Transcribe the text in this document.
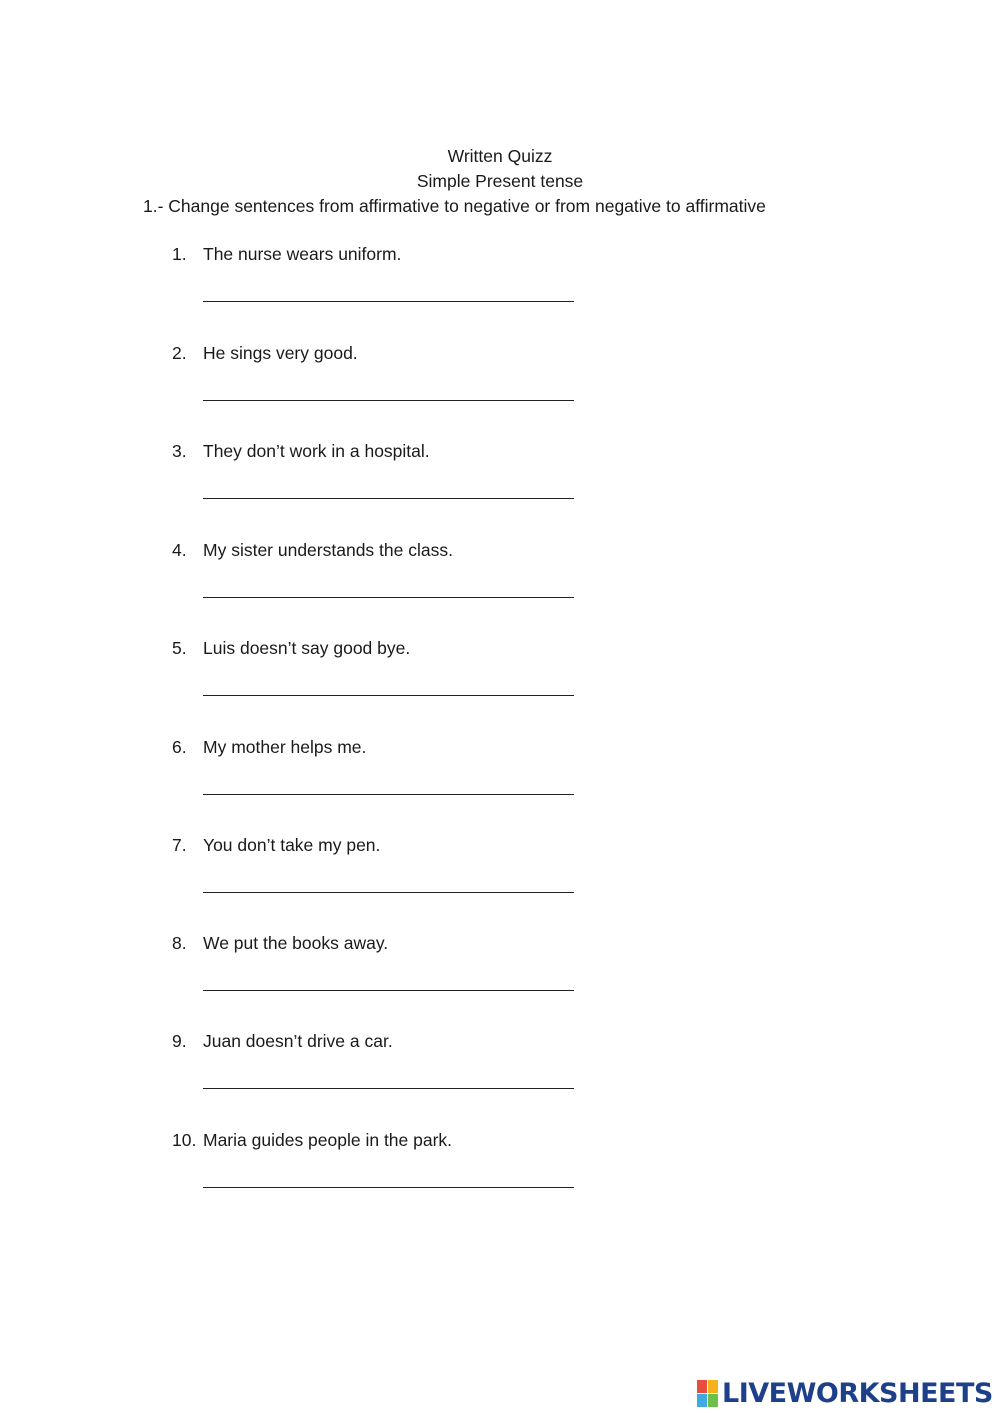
Written Quizz
Simple Present tense
1.- Change sentences from affirmative to negative or from negative to affirmative
1. The nurse wears uniform.
2. He sings very good.
3. They don’t work in a hospital.
4. My sister understands the class.
5. Luis doesn’t say good bye.
6. My mother helps me.
7. You don’t take my pen.
8. We put the books away.
9. Juan doesn’t drive a car.
10. Maria guides people in the park.
LIVEWORKSHEETS
